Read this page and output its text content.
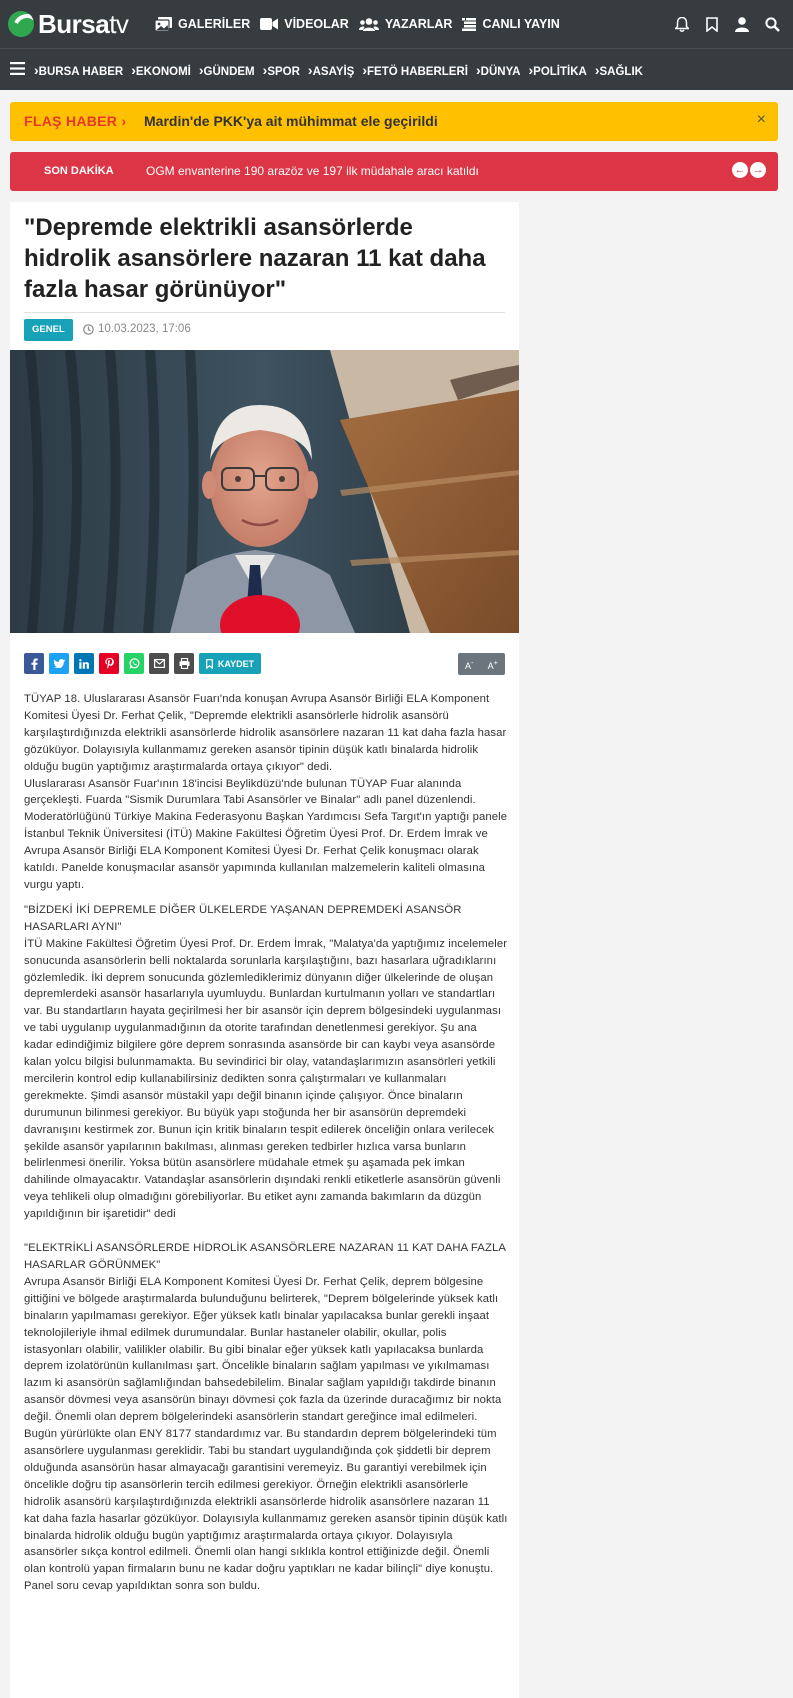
Bursatv	GALERİLER	VİDEOLAR	YAZARLAR CANLI YAYIN
› BURSA HABER	› EKONOMİ	› GÜNDEM	› SPOR	› ASAYİŞ	› FETÖ HABERLERİ	› DÜNYA	› POLİTİKA	› SAĞLIK
FLAŞ HABER › Mardin'de PKK'ya ait mühimmat ele geçirildi	×
SON DAKİKA	OGM envanterine 190 arazöz ve 197 ilk müdahale aracı katıldı	← →
"Depremde elektrikli asansörlerde hidrolik asansörlere nazaran 11 kat daha fazla hasar görünüyor"
GENEL	10.03.2023, 17:06
KAYDET	A- A+

TÜYAP 18. Uluslararası Asansör Fuarı'nda konuşan Avrupa Asansör Birliği ELA Komponent Komitesi Üyesi Dr. Ferhat Çelik, "Depremde elektrikli asansörlerle hidrolik asansörü karşılaştırdığınızda elektrikli asansörlerde hidrolik asansörlere nazaran 11 kat daha fazla hasar gözüküyor. Dolayısıyla kullanmamız gereken asansör tipinin düşük katlı binalarda hidrolik olduğu bugün yaptığımız araştırmalarda ortaya çıkıyor" dedi.

Uluslararası Asansör Fuar'ının 18'incisi Beylikdüzü'nde bulunan TÜYAP Fuar alanında gerçekleşti. Fuarda "Sismik Durumlara Tabi Asansörler ve Binalar" adlı panel düzenlendi. Moderatörlüğünü Türkiye Makina Federasyonu Başkan Yardımcısı Sefa Targıt'ın yaptığı panele İstanbul Teknik Üniversitesi (İTÜ) Makine Fakültesi Öğretim Üyesi Prof. Dr. Erdem İmrak ve Avrupa Asansör Birliği ELA Komponent Komitesi Üyesi Dr. Ferhat Çelik konuşmacı olarak katıldı. Panelde konuşmacılar asansör yapımında kullanılan malzemelerin kaliteli olmasına vurgu yaptı.

"BİZDEKİ İKİ DEPREMLE DİĞER ÜLKELERDE YAŞANAN DEPREMDEKİ ASANSÖR HASARLARI AYNI"

İTÜ Makine Fakültesi Öğretim Üyesi Prof. Dr. Erdem İmrak, "Malatya'da yaptığımız incelemeler sonucunda asansörlerin belli noktalarda sorunlarla karşılaştığını, bazı hasarlara uğradıklarını gözlemledik. İki deprem sonucunda gözlemlediklerimiz dünyanın diğer ülkelerinde de oluşan depremlerdeki asansör hasarlarıyla uyumluydu. Bunlardan kurtulmanın yolları ve standartları var. Bu standartların hayata geçirilmesi her bir asansör için deprem bölgesindeki uygulanması ve tabi uygulanıp uygulanmadığının da otorite tarafından denetlenmesi gerekiyor. Şu ana kadar edindiğimiz bilgilere göre deprem sonrasında asansörde bir can kaybı veya asansörde kalan yolcu bilgisi bulunmamakta. Bu sevindirici bir olay, vatandaşlarımızın asansörleri yetkili mercilerin kontrol edip kullanabilirsiniz dedikten sonra çalıştırmaları ve kullanmaları gerekmekte. Şimdi asansör müstakil yapı değil binanın içinde çalışıyor. Önce binaların durumunun bilinmesi gerekiyor. Bu büyük yapı stoğunda her bir asansörün depremdeki davranışını kestirmek zor. Bunun için kritik binaların tespit edilerek önceliğin onlara verilecek şekilde asansör yapılarının bakılması, alınması gereken tedbirler hızlıca varsa bunların belirlenmesi önerilir. Yoksa bütün asansörlere müdahale etmek şu aşamada pek imkan dahilinde olmayacaktır. Vatandaşlar asansörlerin dışındaki renkli etiketlerle asansörün güvenli veya tehlikeli olup olmadığını görebiliyorlar. Bu etiket aynı zamanda bakımların da düzgün yapıldığının bir işaretidir" dedi

"ELEKTRİKLİ ASANSÖRLERDE HİDROLİK ASANSÖRLERE NAZARAN 11 KAT DAHA FAZLA HASARLAR GÖRÜNMEK"

Avrupa Asansör Birliği ELA Komponent Komitesi Üyesi Dr. Ferhat Çelik, deprem bölgesine gittiğini ve bölgede araştırmalarda bulunduğunu belirterek, "Deprem bölgelerinde yüksek katlı binaların yapılmaması gerekiyor. Eğer yüksek katlı binalar yapılacaksa bunlar gerekli inşaat teknolojileriyle ihmal edilmek durumundalar. Bunlar hastaneler olabilir, okullar, polis istasyonları olabilir, valilikler olabilir. Bu gibi binalar eğer yüksek katlı yapılacaksa bunlarda deprem izolatörünün kullanılması şart. Öncelikle binaların sağlam yapılması ve yıkılmaması lazım ki asansörün sağlamlığından bahsedebilelim. Binalar sağlam yapıldığı takdirde binanın asansör dövmesi veya asansörün binayı dövmesi çok fazla da üzerinde duracağımız bir nokta değil. Önemli olan deprem bölgelerindeki asansörlerin standart gereğince imal edilmeleri. Bugün yürürlükte olan ENY 8177 standardımız var. Bu standardın deprem bölgelerindeki tüm asansörlere uygulanması gereklidir. Tabi bu standart uygulandığında çok şiddetli bir deprem olduğunda asansörün hasar almayacağı garantisini veremeyiz. Bu garantiyi verebilmek için öncelikle doğru tip asansörlerin tercih edilmesi gerekiyor. Örneğin elektrikli asansörlerle hidrolik asansörü karşılaştırdığınızda elektrikli asansörlerde hidrolik asansörlere nazaran 11 kat daha fazla hasarlar gözüküyor. Dolayısıyla kullanmamız gereken asansör tipinin düşük katlı binalarda hidrolik olduğu bugün yaptığımız araştırmalarda ortaya çıkıyor. Dolayısıyla asansörler sıkça kontrol edilmeli. Önemli olan hangi sıklıkla kontrol ettiğinizde değil. Önemli olan kontrolü yapan firmaların bunu ne kadar doğru yaptıkları ne kadar bilinçli" diye konuştu.

Panel soru cevap yapıldıktan sonra son buldu.
